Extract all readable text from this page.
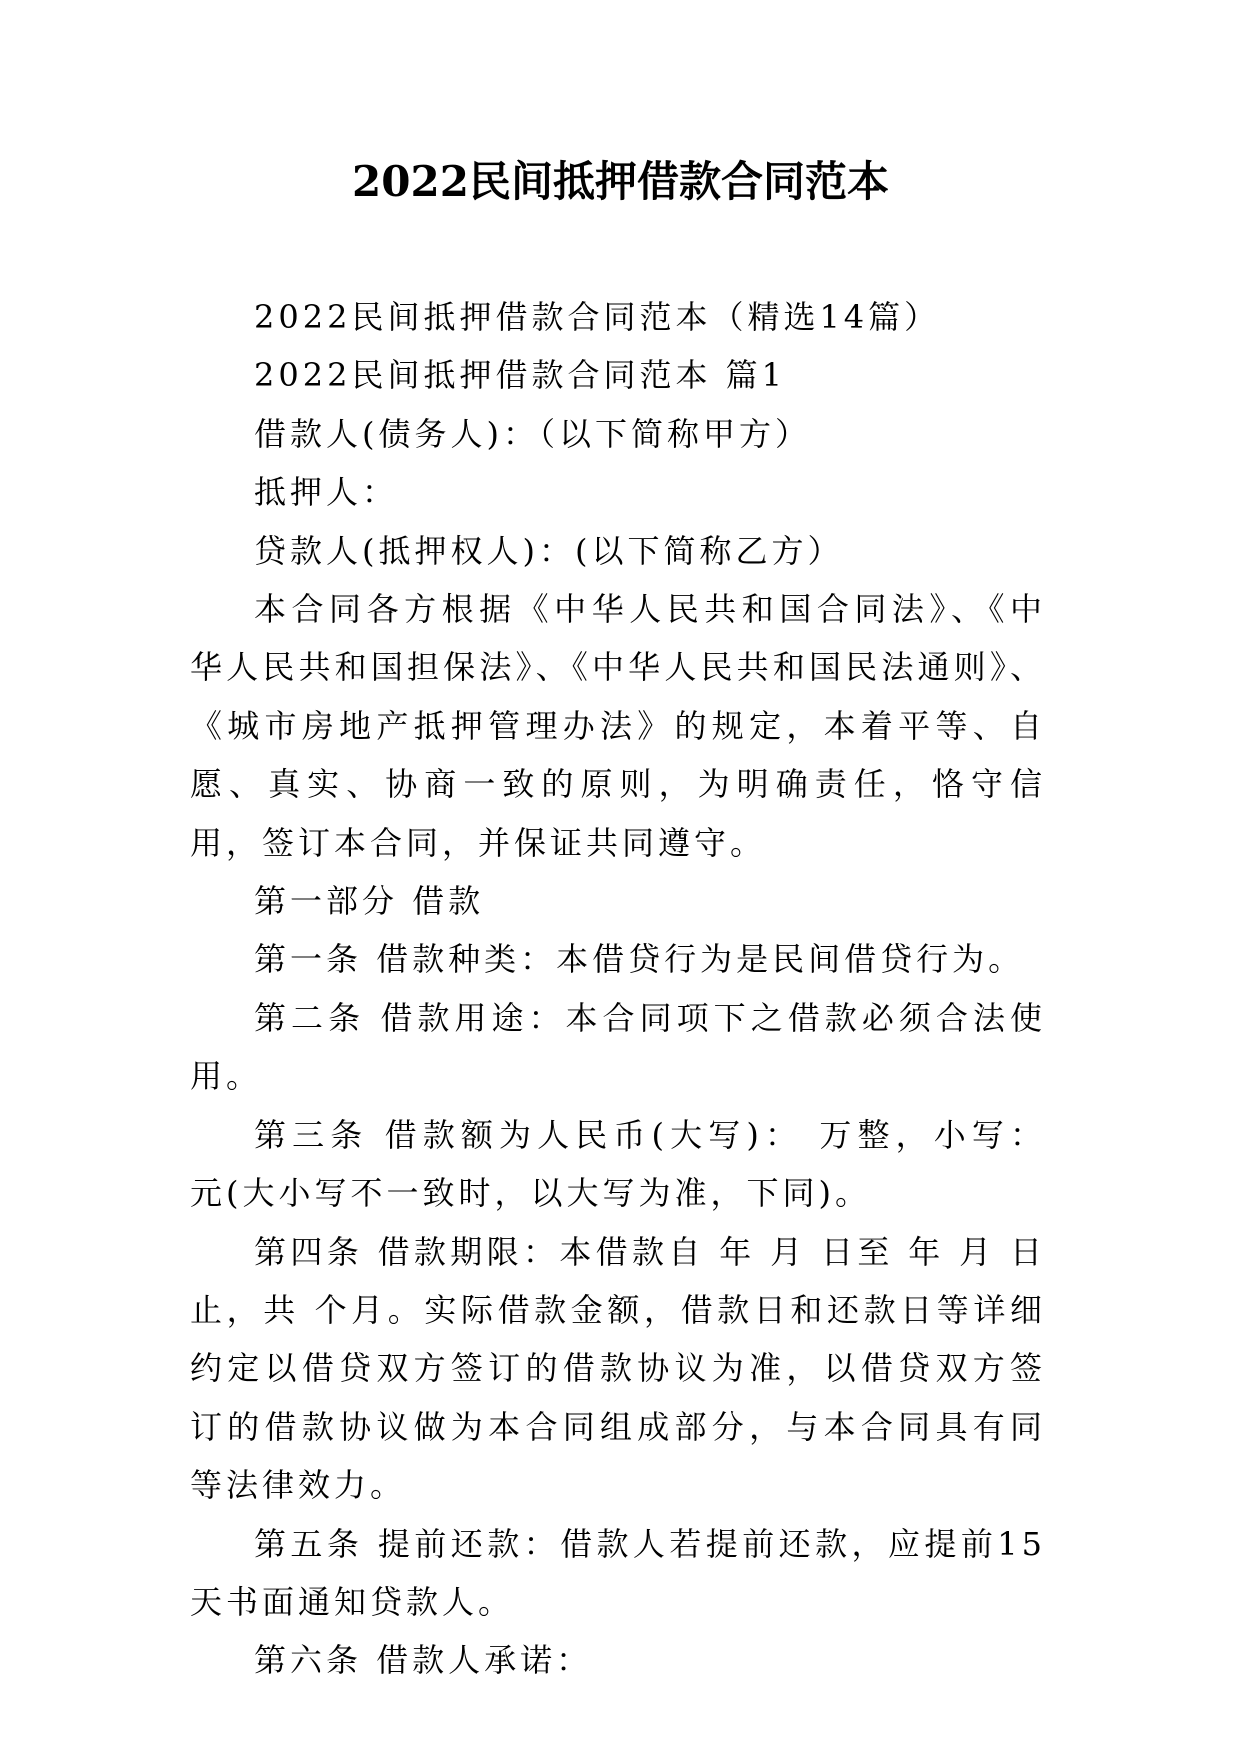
2022民间抵押借款合同范本

2022民间抵押借款合同范本（精选14篇）

2022民间抵押借款合同范本 篇1

借款人(债务人)：（以下简称甲方）

抵押人：

贷款人(抵押权人)：(以下简称乙方）

本合同各方根据《中华人民共和国合同法》、《中华人民共和国担保法》、《中华人民共和国民法通则》、《城市房地产抵押管理办法》的规定，本着平等、自愿、真实、协商一致的原则，为明确责任，恪守信用，签订本合同，并保证共同遵守。

第一部分 借款

第一条 借款种类：本借贷行为是民间借贷行为。

第二条 借款用途：本合同项下之借款必须合法使用。

第三条 借款额为人民币(大写)： 万整，小写： 元(大小写不一致时，以大写为准，下同)。

第四条 借款期限：本借款自 年 月 日至 年 月 日止，共 个月。实际借款金额，借款日和还款日等详细约定以借贷双方签订的借款协议为准，以借贷双方签订的借款协议做为本合同组成部分，与本合同具有同等法律效力。

第五条 提前还款：借款人若提前还款，应提前15天书面通知贷款人。

第六条 借款人承诺：
